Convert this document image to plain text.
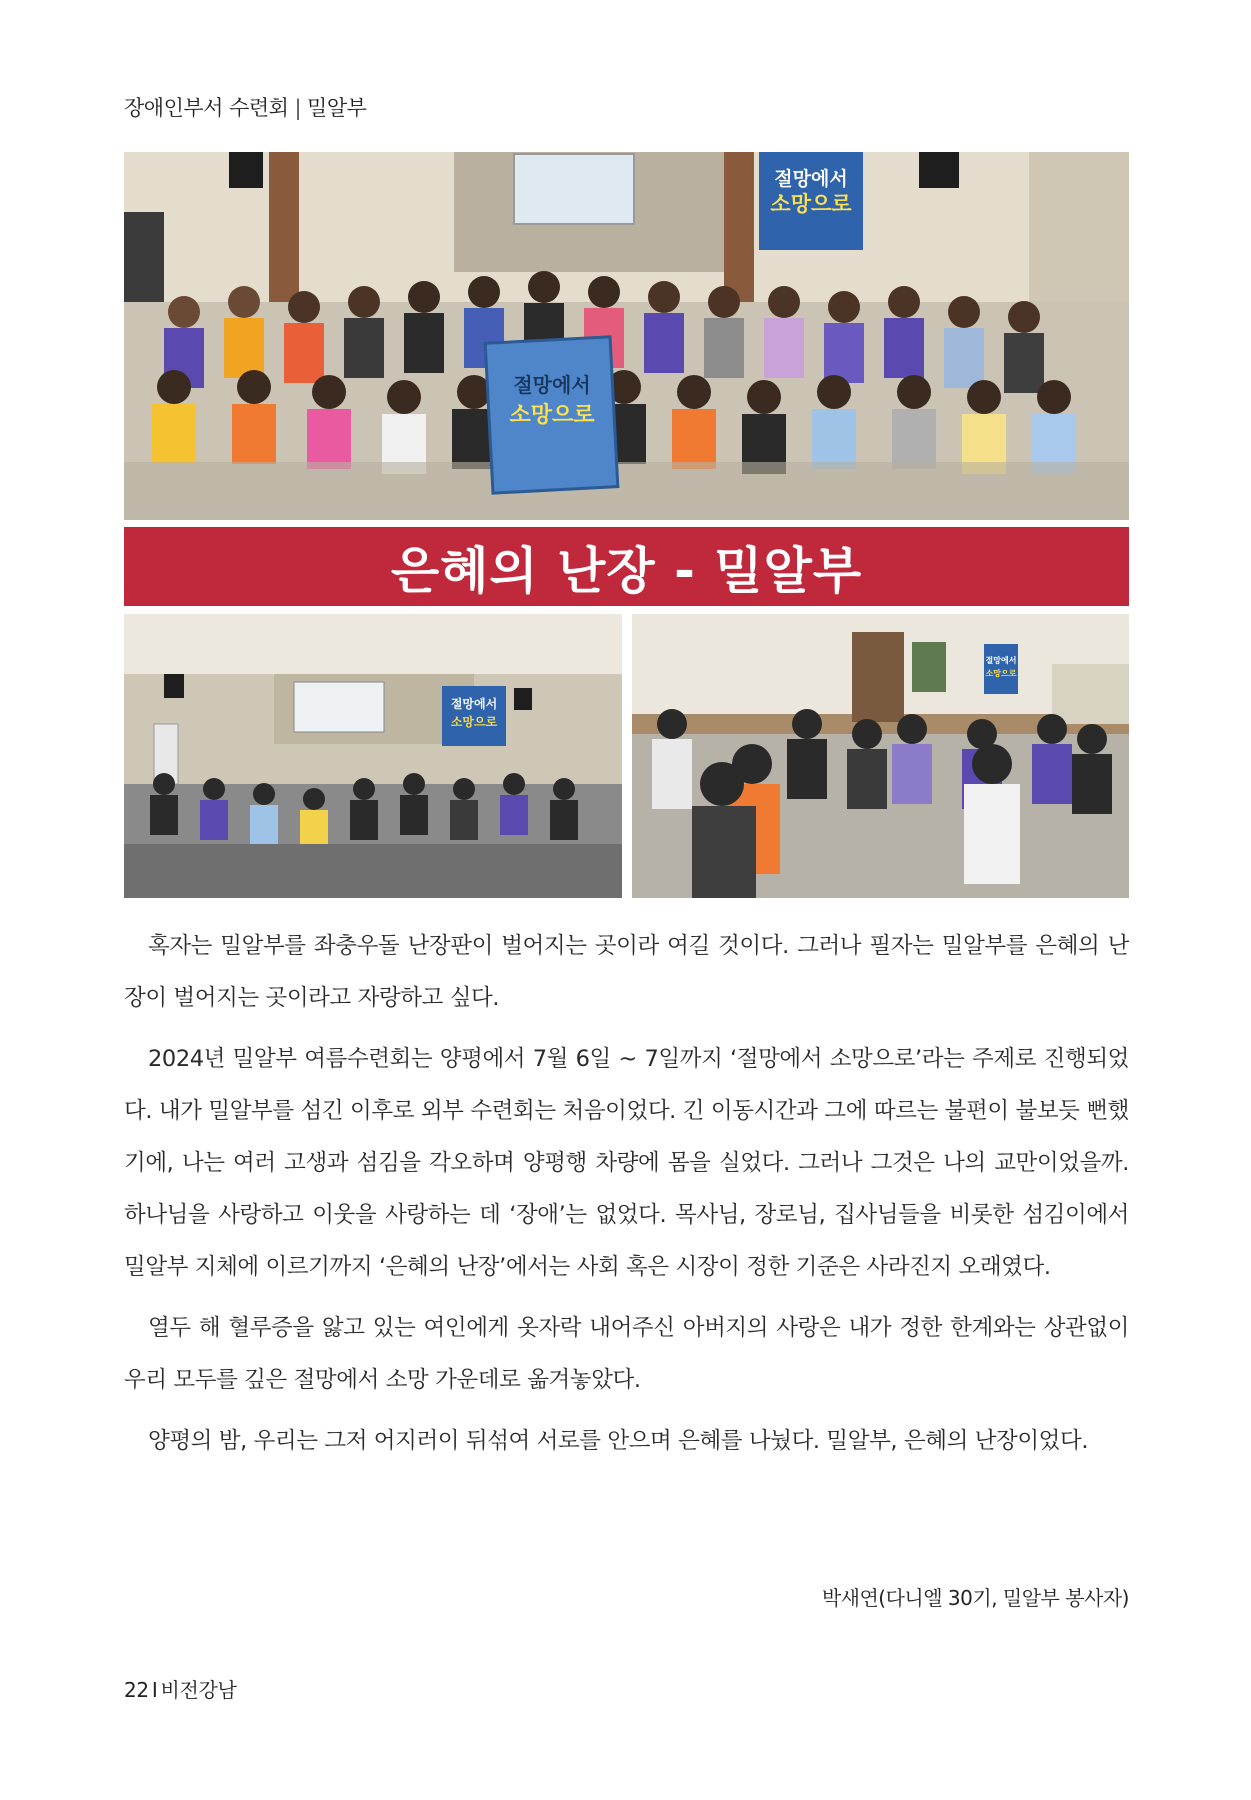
장애인부서 수련회 | 밀알부
절망에서
소망으로
절망에서
소망으로
은혜의 난장 - 밀알부
절망에서
소망으로
절망에서
소망으로

혹자는 밀알부를 좌충우돌 난장판이 벌어지는 곳이라 여길 것이다. 그러나 필자는 밀알부를 은혜의 난장이 벌어지는 곳이라고 자랑하고 싶다.

2024년 밀알부 여름수련회는 양평에서 7월 6일 ~ 7일까지 ‘절망에서 소망으로’라는 주제로 진행되었다. 내가 밀알부를 섬긴 이후로 외부 수련회는 처음이었다. 긴 이동시간과 그에 따르는 불편이 불보듯 뻔했기에, 나는 여러 고생과 섬김을 각오하며 양평행 차량에 몸을 실었다. 그러나 그것은 나의 교만이었을까. 하나님을 사랑하고 이웃을 사랑하는 데 ‘장애’는 없었다. 목사님, 장로님, 집사님들을 비롯한 섬김이에서 밀알부 지체에 이르기까지 ‘은혜의 난장’에서는 사회 혹은 시장이 정한 기준은 사라진지 오래였다.

열두 해 혈루증을 앓고 있는 여인에게 옷자락 내어주신 아버지의 사랑은 내가 정한 한계와는 상관없이 우리 모두를 깊은 절망에서 소망 가운데로 옮겨놓았다.

양평의 밤, 우리는 그저 어지러이 뒤섞여 서로를 안으며 은혜를 나눴다. 밀알부, 은혜의 난장이었다.

박새연(다니엘 30기, 밀알부 봉사자)
22 I 비전강남
